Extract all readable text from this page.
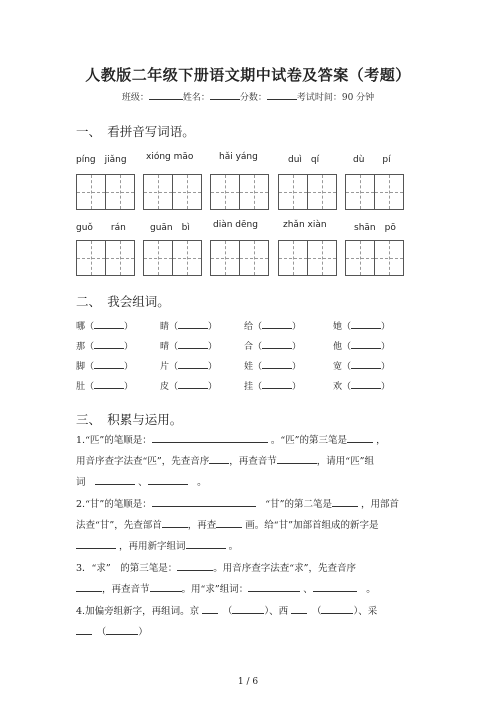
人教版二年级下册语文期中试卷及答案（考题）
班级：	姓名：	分数：	考试时间：90 分钟
一、　看拼音写词语。
píng　jiǎng xióng māo	hǎi yáng	duì　qí	dù　　pí
guǒ　　rán	guān　bì	diàn dēng	zhǎn xiàn	shān　pō
二、　我会组词。
哪（	）	睛（	）	给（	）	她（	）
那（	）	晴（	）	合（	）	他（	）
脚（	）	片（	）	娃（	）	宽（	）
肚（	）	皮（	）	挂（	）	欢（	）
三、　积累与运用。
1.“匹”的笔顺是：	。“匹”的第三笔是	，
用音序查字法查“匹”，先查音序 ，再查音节	，请用“匹”组
词　	、　	。
2.“甘”的笔顺是：　	“甘”的第二笔是	，用部首
法查“甘”，先查部首	，再查	画。给“甘”加部首组成的新字是
，再用新字组词	。
3．“求”　的第三笔是：	。用音序查字法查“求”，先查音序
，再查音节	。用“求”组词：	、　	。
4.加偏旁组新字，再组词。京 　	（	）、西 　	（	）、采
　（	）
1 / 6
